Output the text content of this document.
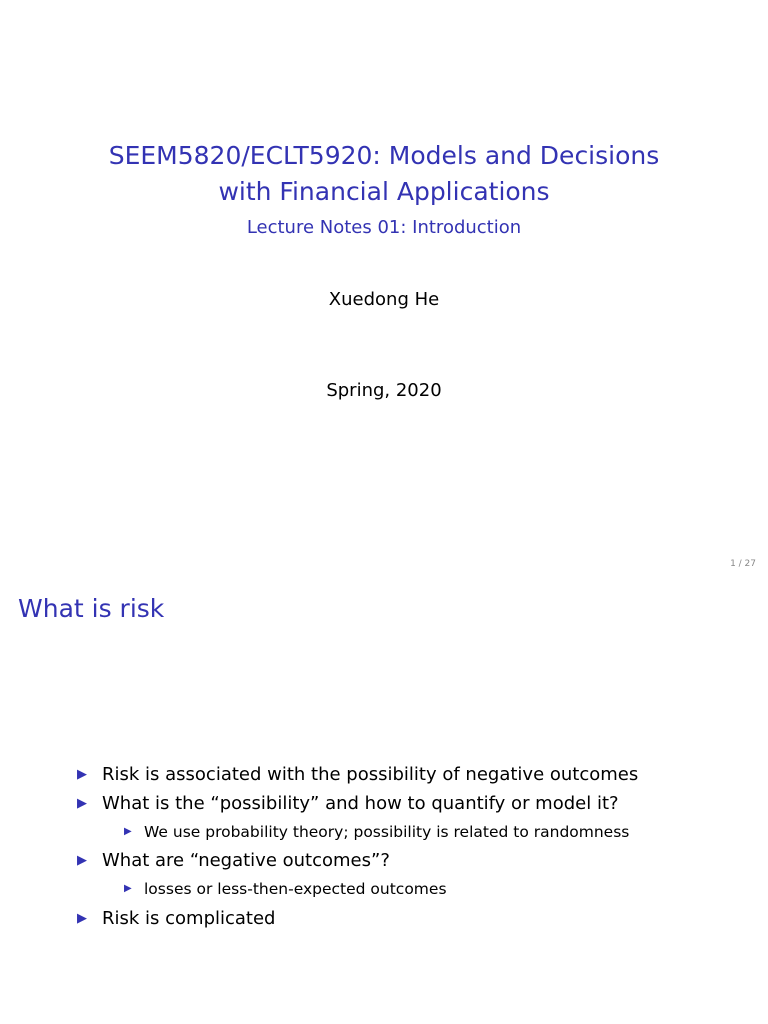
SEEM5820/ECLT5920: Models and Decisions
with Financial Applications
Lecture Notes 01: Introduction
Xuedong He
Spring, 2020
1 / 27
What is risk
▶ Risk is associated with the possibility of negative outcomes
▶ What is the “possibility” and how to quantify or model it?
▶ We use probability theory; possibility is related to randomness
▶ What are “negative outcomes”?
▶ losses or less-then-expected outcomes
▶ Risk is complicated
